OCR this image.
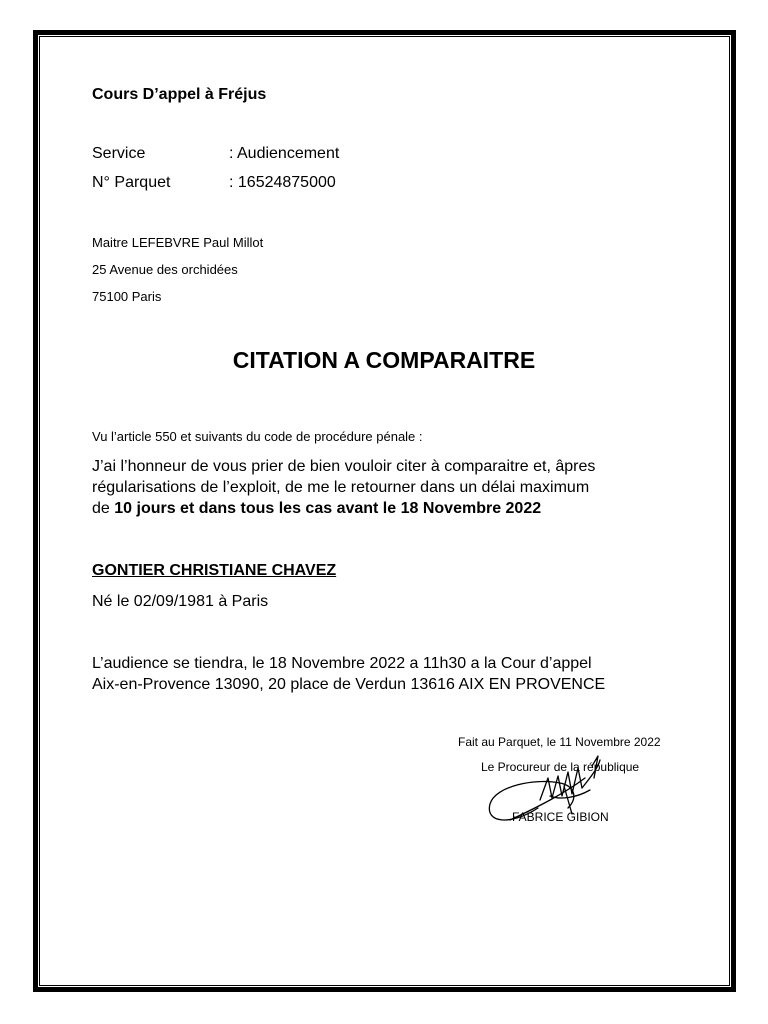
Cours D’appel à Fréjus
Service	: Audiencement
N° Parquet	: 16524875000
Maitre LEFEBVRE Paul Millot
25 Avenue des orchidées
75100 Paris
CITATION A COMPARAITRE
Vu l’article 550 et suivants du code de procédure pénale :
J’ai l’honneur de vous prier de bien vouloir citer à comparaitre et, âpres
régularisations de l’exploit, de me le retourner dans un délai maximum
de 10 jours et dans tous les cas avant le 18 Novembre 2022
GONTIER CHRISTIANE CHAVEZ
Né le 02/09/1981 à Paris
L’audience se tiendra, le 18 Novembre 2022 a 11h30 a la Cour d’appel
Aix-en-Provence 13090, 20 place de Verdun 13616 AIX EN PROVENCE
Fait au Parquet, le 11 Novembre 2022
Le Procureur de la république
FABRICE GIBION
